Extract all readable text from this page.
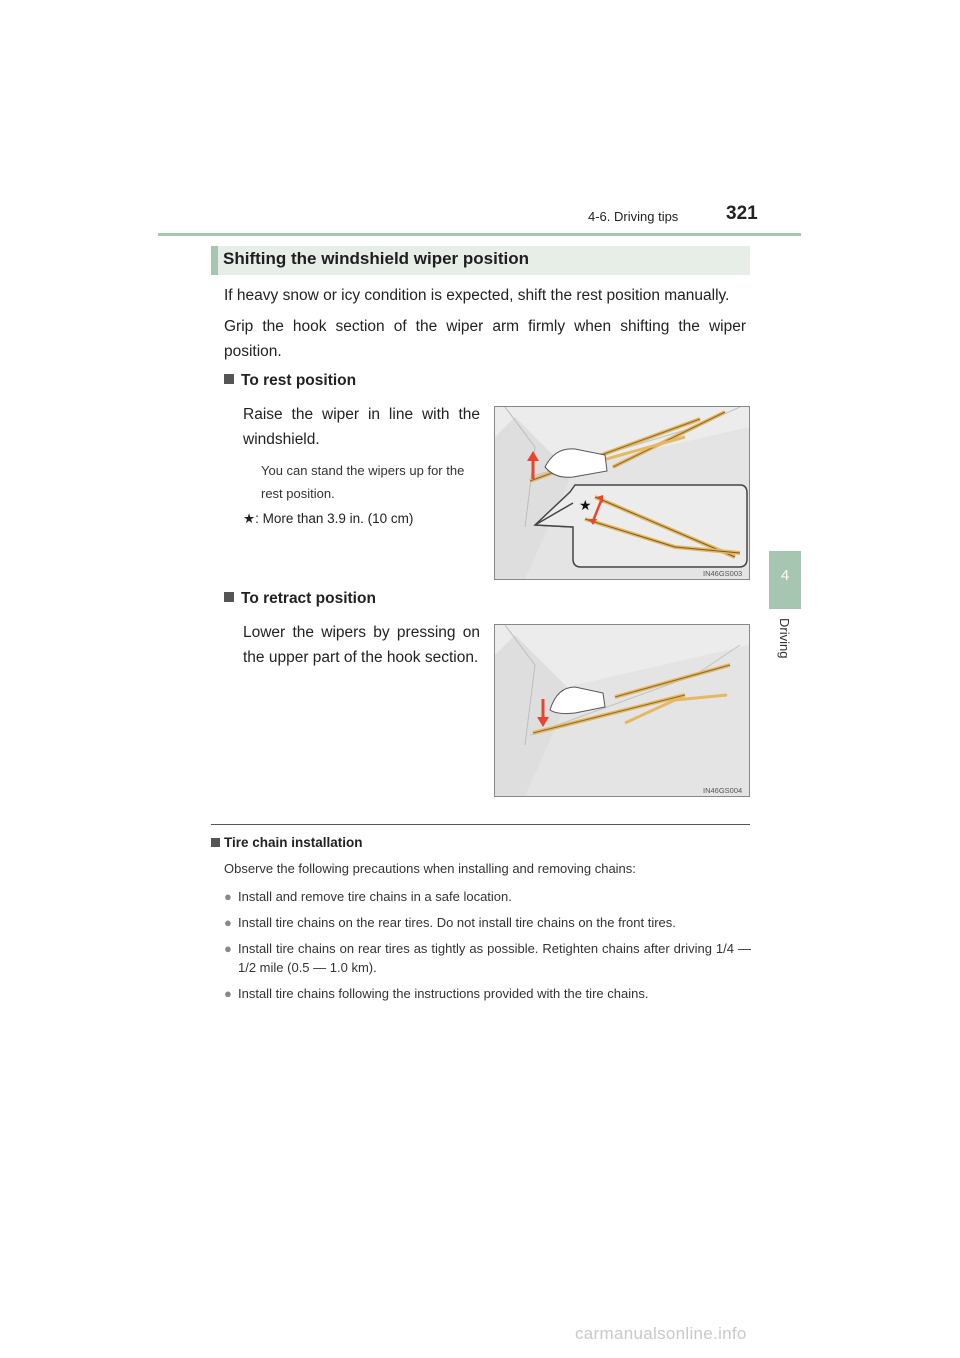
4-6. Driving tips	321
4
Driving
Shifting the windshield wiper position
If heavy snow or icy condition is expected, shift the rest position manually.
Grip the hook section of the wiper arm firmly when shifting the wiper position.
To rest position
Raise the wiper in line with the windshield.
You can stand the wipers up for the rest position.
★: More than 3.9 in. (10 cm)
★
IN46GS003
To retract position
Lower the wipers by pressing on the upper part of the hook section.
IN46GS004
Tire chain installation
Observe the following precautions when installing and removing chains:
● Install and remove tire chains in a safe location.
● Install tire chains on the rear tires. Do not install tire chains on the front tires.
● Install tire chains on rear tires as tightly as possible. Retighten chains after driving 1/4 — 1/2 mile (0.5 — 1.0 km).
● Install tire chains following the instructions provided with the tire chains.
carmanualsonline.info
